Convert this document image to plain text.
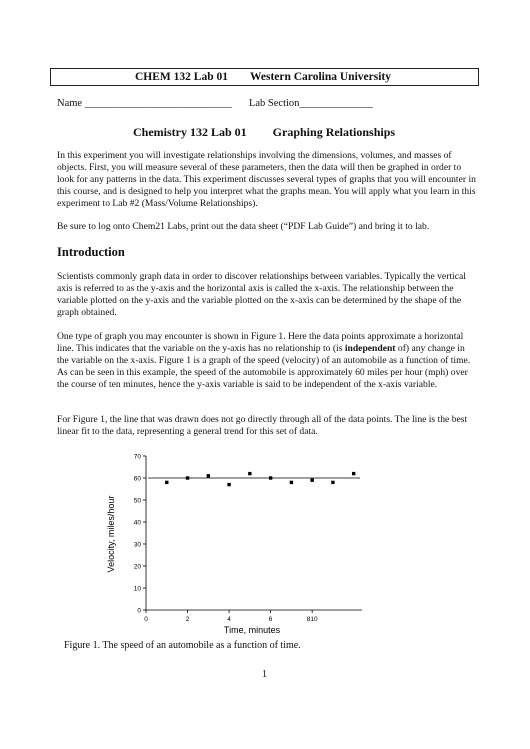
CHEM 132 Lab 01 Western Carolina University
Name ____________________________ Lab Section______________
Chemistry 132 Lab 01 Graphing Relationships

In this experiment you will investigate relationships involving the dimensions, volumes, and masses of objects. First, you will measure several of these parameters, then the data will then be graphed in order to look for any patterns in the data. This experiment discusses several types of graphs that you will encounter in this course, and is designed to help you interpret what the graphs mean. You will apply what you learn in this experiment to Lab #2 (Mass/Volume Relationships).

Be sure to log onto Chem21 Labs, print out the data sheet (“PDF Lab Guide”) and bring it to lab.

Introduction

Scientists commonly graph data in order to discover relationships between variables. Typically the vertical axis is referred to as the y-axis and the horizontal axis is called the x-axis. The relationship between the variable plotted on the y-axis and the variable plotted on the x-axis can be determined by the shape of the graph obtained.

One type of graph you may encounter is shown in Figure 1. Here the data points approximate a horizontal line. This indicates that the variable on the y-axis has no relationship to (is independent of) any change in the variable on the x-axis. Figure 1 is a graph of the speed (velocity) of an automobile as a function of time. As can be seen in this example, the speed of the automobile is approximately 60 miles per hour (mph) over the course of ten minutes, hence the y-axis variable is said to be independent of the x-axis variable.

For Figure 1, the line that was drawn does not go directly through all of the data points. The line is the best linear fit to the data, representing a general trend for this set of data.

0
10
20
30
40
50
60
70
0	2	4	6	810
Time, minutes
Velocity, miles/hour
Figure 1. The speed of an automobile as a function of time.
1
